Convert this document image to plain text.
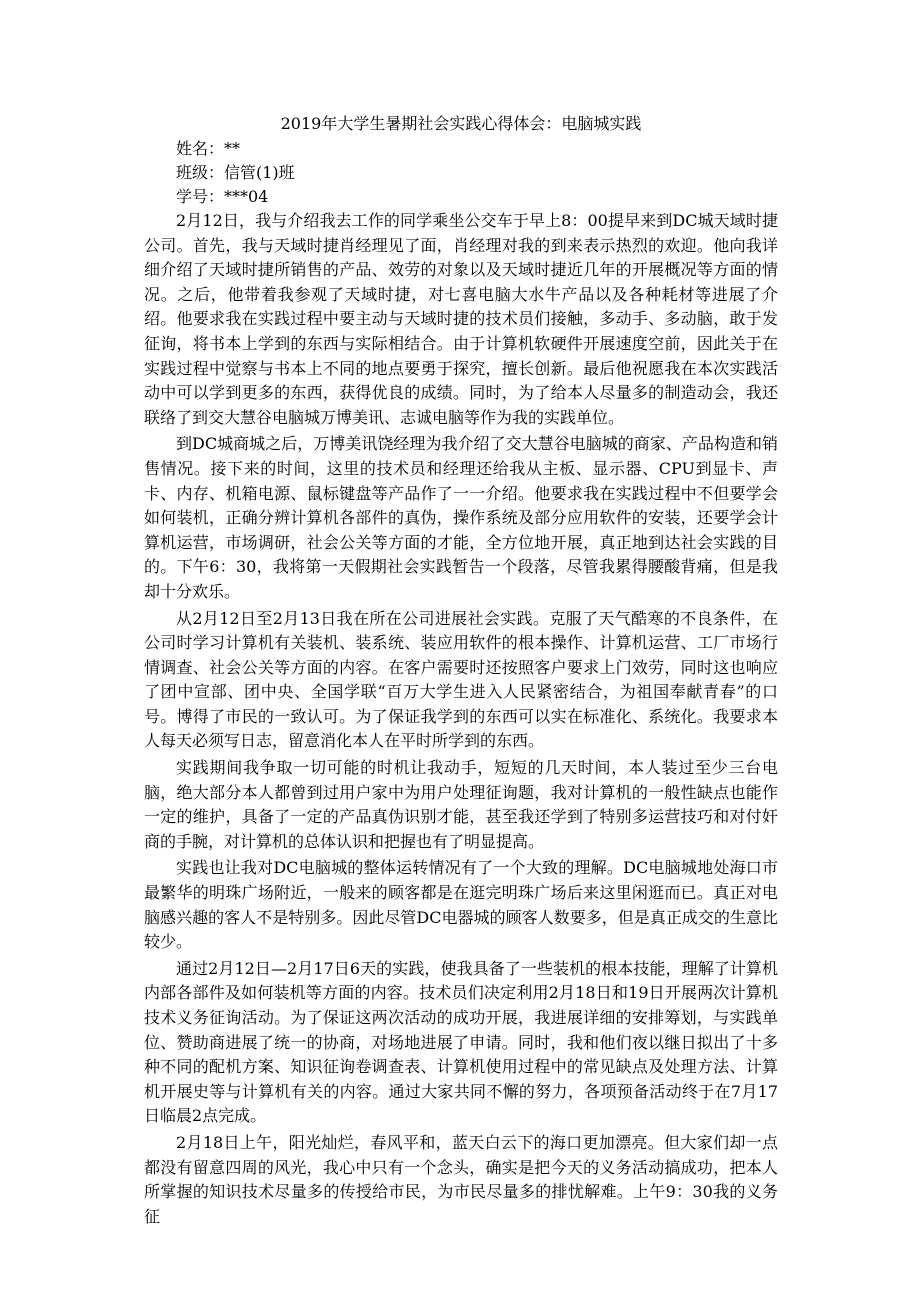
2019年大学生暑期社会实践心得体会：电脑城实践

姓名：**

班级：信管(1)班

学号：***04

2月12日，我与介绍我去工作的同学乘坐公交车于早上8：00提早来到DC城天域时捷公司。首先，我与天域时捷肖经理见了面，肖经理对我的到来表示热烈的欢迎。他向我详细介绍了天域时捷所销售的产品、效劳的对象以及天域时捷近几年的开展概况等方面的情况。之后，他带着我参观了天域时捷，对七喜电脑大水牛产品以及各种耗材等进展了介绍。他要求我在实践过程中要主动与天域时捷的技术员们接触，多动手、多动脑，敢于发征询，将书本上学到的东西与实际相结合。由于计算机软硬件开展速度空前，因此关于在实践过程中觉察与书本上不同的地点要勇于探究，擅长创新。最后他祝愿我在本次实践活动中可以学到更多的东西，获得优良的成绩。同时，为了给本人尽量多的制造动会，我还联络了到交大慧谷电脑城万博美讯、志诚电脑等作为我的实践单位。

到DC城商城之后，万博美讯饶经理为我介绍了交大慧谷电脑城的商家、产品构造和销售情况。接下来的时间，这里的技术员和经理还给我从主板、显示器、CPU到显卡、声卡、内存、机箱电源、鼠标键盘等产品作了一一介绍。他要求我在实践过程中不但要学会如何装机，正确分辨计算机各部件的真伪，操作系统及部分应用软件的安装，还要学会计算机运营，市场调研，社会公关等方面的才能，全方位地开展，真正地到达社会实践的目的。下午6：30，我将第一天假期社会实践暂告一个段落，尽管我累得腰酸背痛，但是我却十分欢乐。

从2月12日至2月13日我在所在公司进展社会实践。克服了天气酷寒的不良条件，在公司时学习计算机有关装机、装系统、装应用软件的根本操作、计算机运营、工厂市场行情调查、社会公关等方面的内容。在客户需要时还按照客户要求上门效劳，同时这也响应了团中宣部、团中央、全国学联“百万大学生进入人民紧密结合，为祖国奉献青春”的口号。博得了市民的一致认可。为了保证我学到的东西可以实在标准化、系统化。我要求本人每天必须写日志，留意消化本人在平时所学到的东西。

实践期间我争取一切可能的时机让我动手，短短的几天时间，本人装过至少三台电脑，绝大部分本人都曾到过用户家中为用户处理征询题，我对计算机的一般性缺点也能作一定的维护，具备了一定的产品真伪识别才能，甚至我还学到了特别多运营技巧和对付奸商的手腕，对计算机的总体认识和把握也有了明显提高。

实践也让我对DC电脑城的整体运转情况有了一个大致的理解。DC电脑城地处海口市最繁华的明珠广场附近，一般来的顾客都是在逛完明珠广场后来这里闲逛而已。真正对电脑感兴趣的客人不是特别多。因此尽管DC电器城的顾客人数要多，但是真正成交的生意比较少。

通过2月12日—2月17日6天的实践，使我具备了一些装机的根本技能，理解了计算机内部各部件及如何装机等方面的内容。技术员们决定利用2月18日和19日开展两次计算机技术义务征询活动。为了保证这两次活动的成功开展，我进展详细的安排筹划，与实践单位、赞助商进展了统一的协商，对场地进展了申请。同时，我和他们夜以继日拟出了十多种不同的配机方案、知识征询卷调查表、计算机使用过程中的常见缺点及处理方法、计算机开展史等与计算机有关的内容。通过大家共同不懈的努力，各项预备活动终于在7月17日临晨2点完成。

2月18日上午，阳光灿烂，春风平和，蓝天白云下的海口更加漂亮。但大家们却一点都没有留意四周的风光，我心中只有一个念头，确实是把今天的义务活动搞成功，把本人所掌握的知识技术尽量多的传授给市民，为市民尽量多的排忧解难。上午9：30我的义务征
